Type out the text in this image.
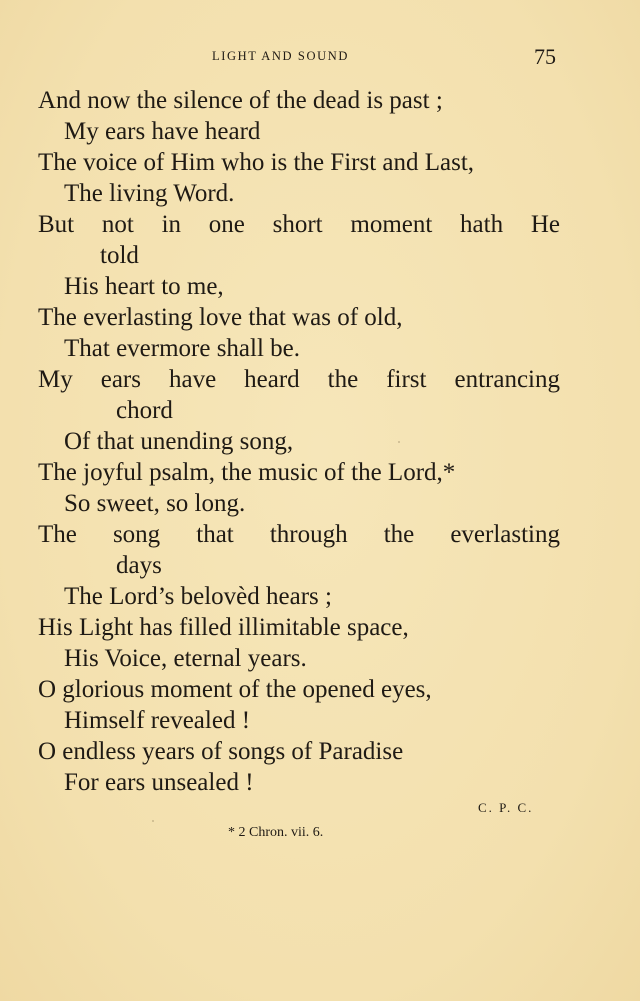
LIGHT AND SOUND	75
And now the silence of the dead is past ;
My ears have heard
The voice of Him who is the First and Last,
The living Word.
But not in one short moment hath He
told
His heart to me,
The everlasting love that was of old,
That evermore shall be.
My ears have heard the first entrancing
chord
Of that unending song,
The joyful psalm, the music of the Lord,*
So sweet, so long.
The song that through the everlasting
days
The Lord’s belovèd hears ;
His Light has filled illimitable space,
His Voice, eternal years.
O glorious moment of the opened eyes,
Himself revealed !
O endless years of songs of Paradise
For ears unsealed !
C. P. C.
* 2 Chron. vii. 6.
